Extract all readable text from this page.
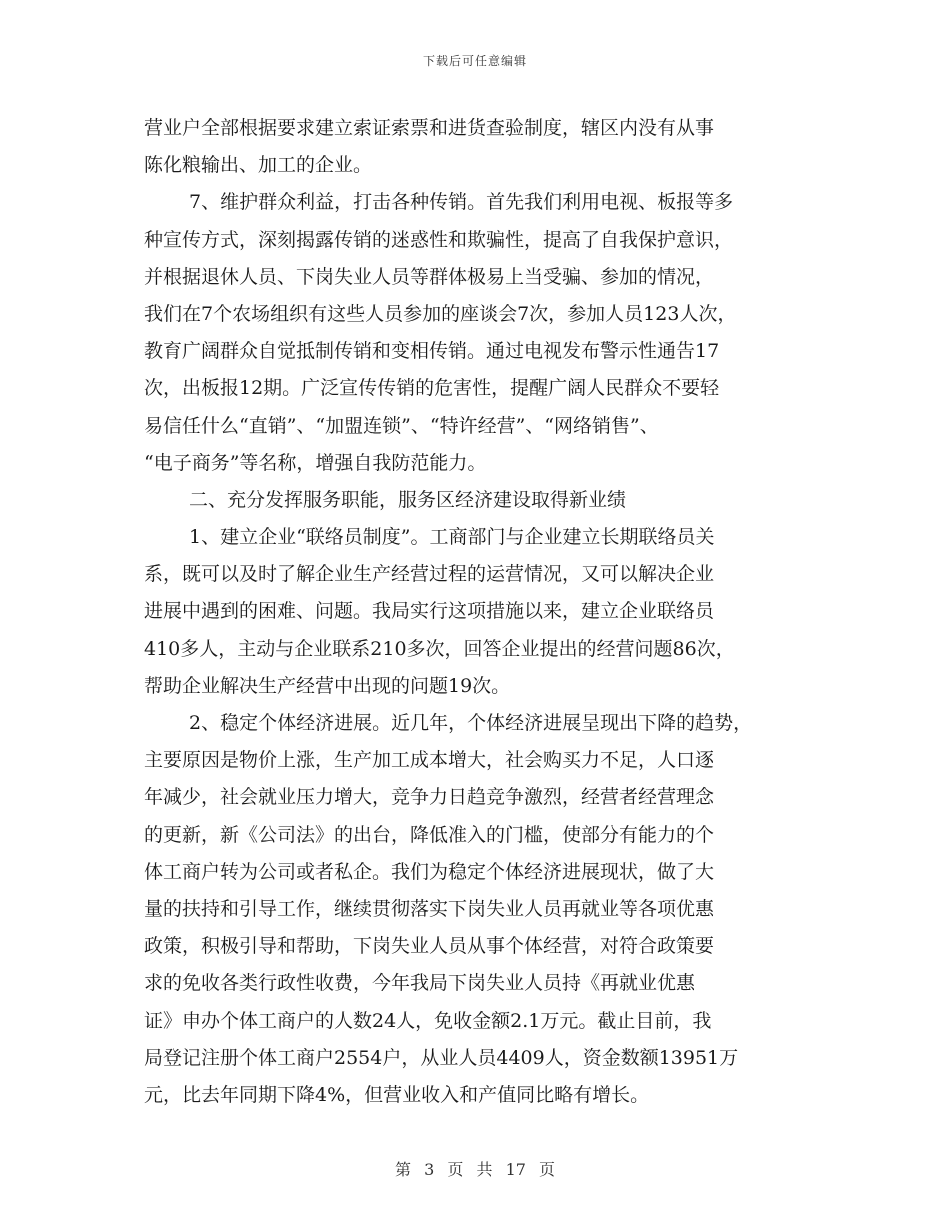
下载后可任意编辑
营业户全部根据要求建立索证索票和进货查验制度，辖区内没有从事
陈化粮输出、加工的企业。
7、维护群众利益，打击各种传销。首先我们利用电视、板报等多
种宣传方式，深刻揭露传销的迷惑性和欺骗性，提高了自我保护意识，
并根据退休人员、下岗失业人员等群体极易上当受骗、参加的情况，
我们在7个农场组织有这些人员参加的座谈会7次，参加人员123人次，
教育广阔群众自觉抵制传销和变相传销。通过电视发布警示性通告17
次，出板报12期。广泛宣传传销的危害性，提醒广阔人民群众不要轻
易信任什么“直销”、“加盟连锁”、“特许经营”、“网络销售”、
“电子商务”等名称，增强自我防范能力。
二、充分发挥服务职能，服务区经济建设取得新业绩
1、建立企业“联络员制度”。工商部门与企业建立长期联络员关
系，既可以及时了解企业生产经营过程的运营情况，又可以解决企业
进展中遇到的困难、问题。我局实行这项措施以来，建立企业联络员
410多人，主动与企业联系210多次，回答企业提出的经营问题86次，
帮助企业解决生产经营中出现的问题19次。
2、稳定个体经济进展。近几年，个体经济进展呈现出下降的趋势，
主要原因是物价上涨，生产加工成本增大，社会购买力不足，人口逐
年减少，社会就业压力增大，竞争力日趋竞争激烈，经营者经营理念
的更新，新《公司法》的出台，降低准入的门槛，使部分有能力的个
体工商户转为公司或者私企。我们为稳定个体经济进展现状，做了大
量的扶持和引导工作，继续贯彻落实下岗失业人员再就业等各项优惠
政策，积极引导和帮助，下岗失业人员从事个体经营，对符合政策要
求的免收各类行政性收费，今年我局下岗失业人员持《再就业优惠
证》申办个体工商户的人数24人，免收金额2.1万元。截止目前，我
局登记注册个体工商户2554户，从业人员4409人，资金数额13951万
元，比去年同期下降4%，但营业收入和产值同比略有增长。
第 3 页 共 17 页
